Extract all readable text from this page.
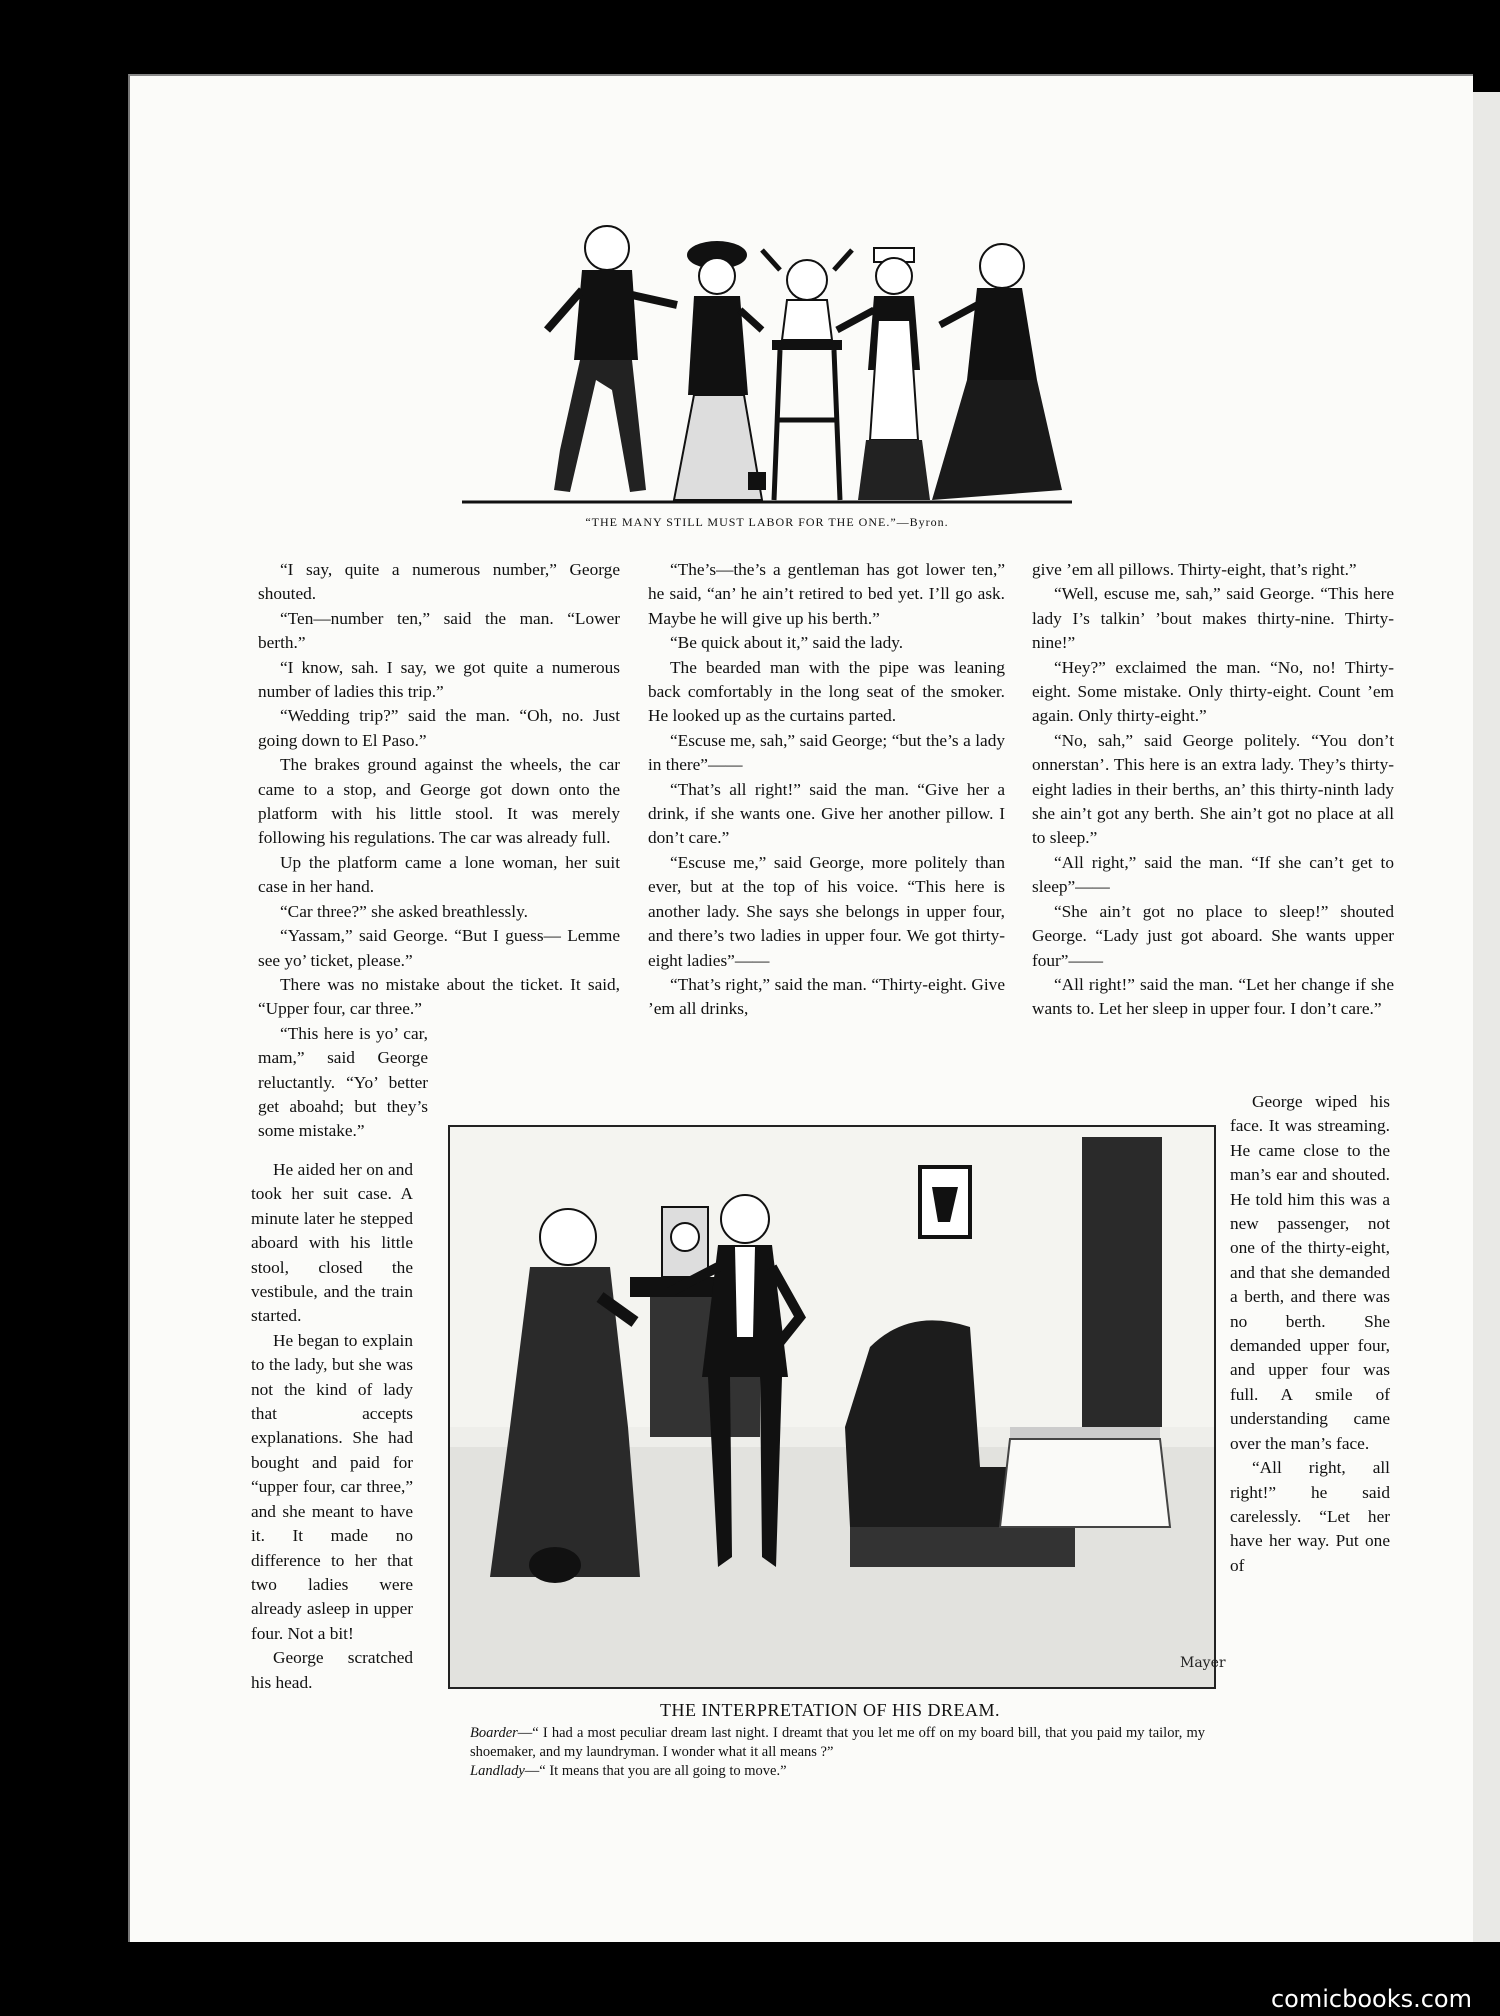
“THE MANY STILL MUST LABOR FOR THE ONE.”—Byron.

“I say, quite a numerous number,” George shouted.

“Ten—number ten,” said the man. “Lower berth.”

“I know, sah. I say, we got quite a numerous number of ladies this trip.”

“Wedding trip?” said the man. “Oh, no. Just going down to El Paso.”

The brakes ground against the wheels, the car came to a stop, and George got down onto the platform with his little stool. It was merely following his regulations. The car was already full.

Up the platform came a lone woman, her suit case in her hand.

“Car three?” she asked breathlessly.

“Yassam,” said George. “But I guess— Lemme see yo’ ticket, please.”

There was no mistake about the ticket. It said, “Upper four, car three.”

“This here is yo’ car, mam,” said George reluctantly. “Yo’ better get aboahd; but they’s some mistake.”

He aided her on and took her suit case. A minute later he stepped aboard with his little stool, closed the vestibule, and the train started.

He began to explain to the lady, but she was not the kind of lady that accepts explanations. She had bought and paid for “upper four, car three,” and she meant to have it. It made no difference to her that two ladies were already asleep in upper four. Not a bit!

George scratched his head.

“The’s—the’s a gentleman has got lower ten,” he said, “an’ he ain’t retired to bed yet. I’ll go ask. Maybe he will give up his berth.”

“Be quick about it,” said the lady.

The bearded man with the pipe was leaning back comfortably in the long seat of the smoker. He looked up as the curtains parted.

“Escuse me, sah,” said George; “but the’s a lady in there”——

“That’s all right!” said the man. “Give her a drink, if she wants one. Give her another pillow. I don’t care.”

“Escuse me,” said George, more politely than ever, but at the top of his voice. “This here is another lady. She says she belongs in upper four, and there’s two ladies in upper four. We got thirty-eight ladies”——

“That’s right,” said the man. “Thirty-eight. Give ’em all drinks,

give ’em all pillows. Thirty-eight, that’s right.”

“Well, escuse me, sah,” said George. “This here lady I’s talkin’ ’bout makes thirty-nine. Thirty-nine!”

“Hey?” exclaimed the man. “No, no! Thirty-eight. Some mistake. Only thirty-eight. Count ’em again. Only thirty-eight.”

“No, sah,” said George politely. “You don’t onnerstan’. This here is an extra lady. They’s thirty-eight ladies in their berths, an’ this thirty-ninth lady she ain’t got any berth. She ain’t got no place at all to sleep.”

“All right,” said the man. “If she can’t get to sleep”——

“She ain’t got no place to sleep!” shouted George. “Lady just got aboard. She wants upper four”——

“All right!” said the man. “Let her change if she wants to. Let her sleep in upper four. I don’t care.”

George wiped his face. It was streaming. He came close to the man’s ear and shouted. He told him this was a new passenger, not one of the thirty-eight, and that she demanded a berth, and there was no berth. She demanded upper four, and upper four was full. A smile of understanding came over the man’s face.

“All right, all right!” he said carelessly. “Let her have her way. Put one of

Mayer
THE INTERPRETATION OF HIS DREAM.

Boarder—“ I had a most peculiar dream last night. I dreamt that you let me off on my board bill, that you paid my tailor, my shoemaker, and my laundryman. I wonder what it all means ?”

Landlady—“ It means that you are all going to move.”

comicbooks.com
